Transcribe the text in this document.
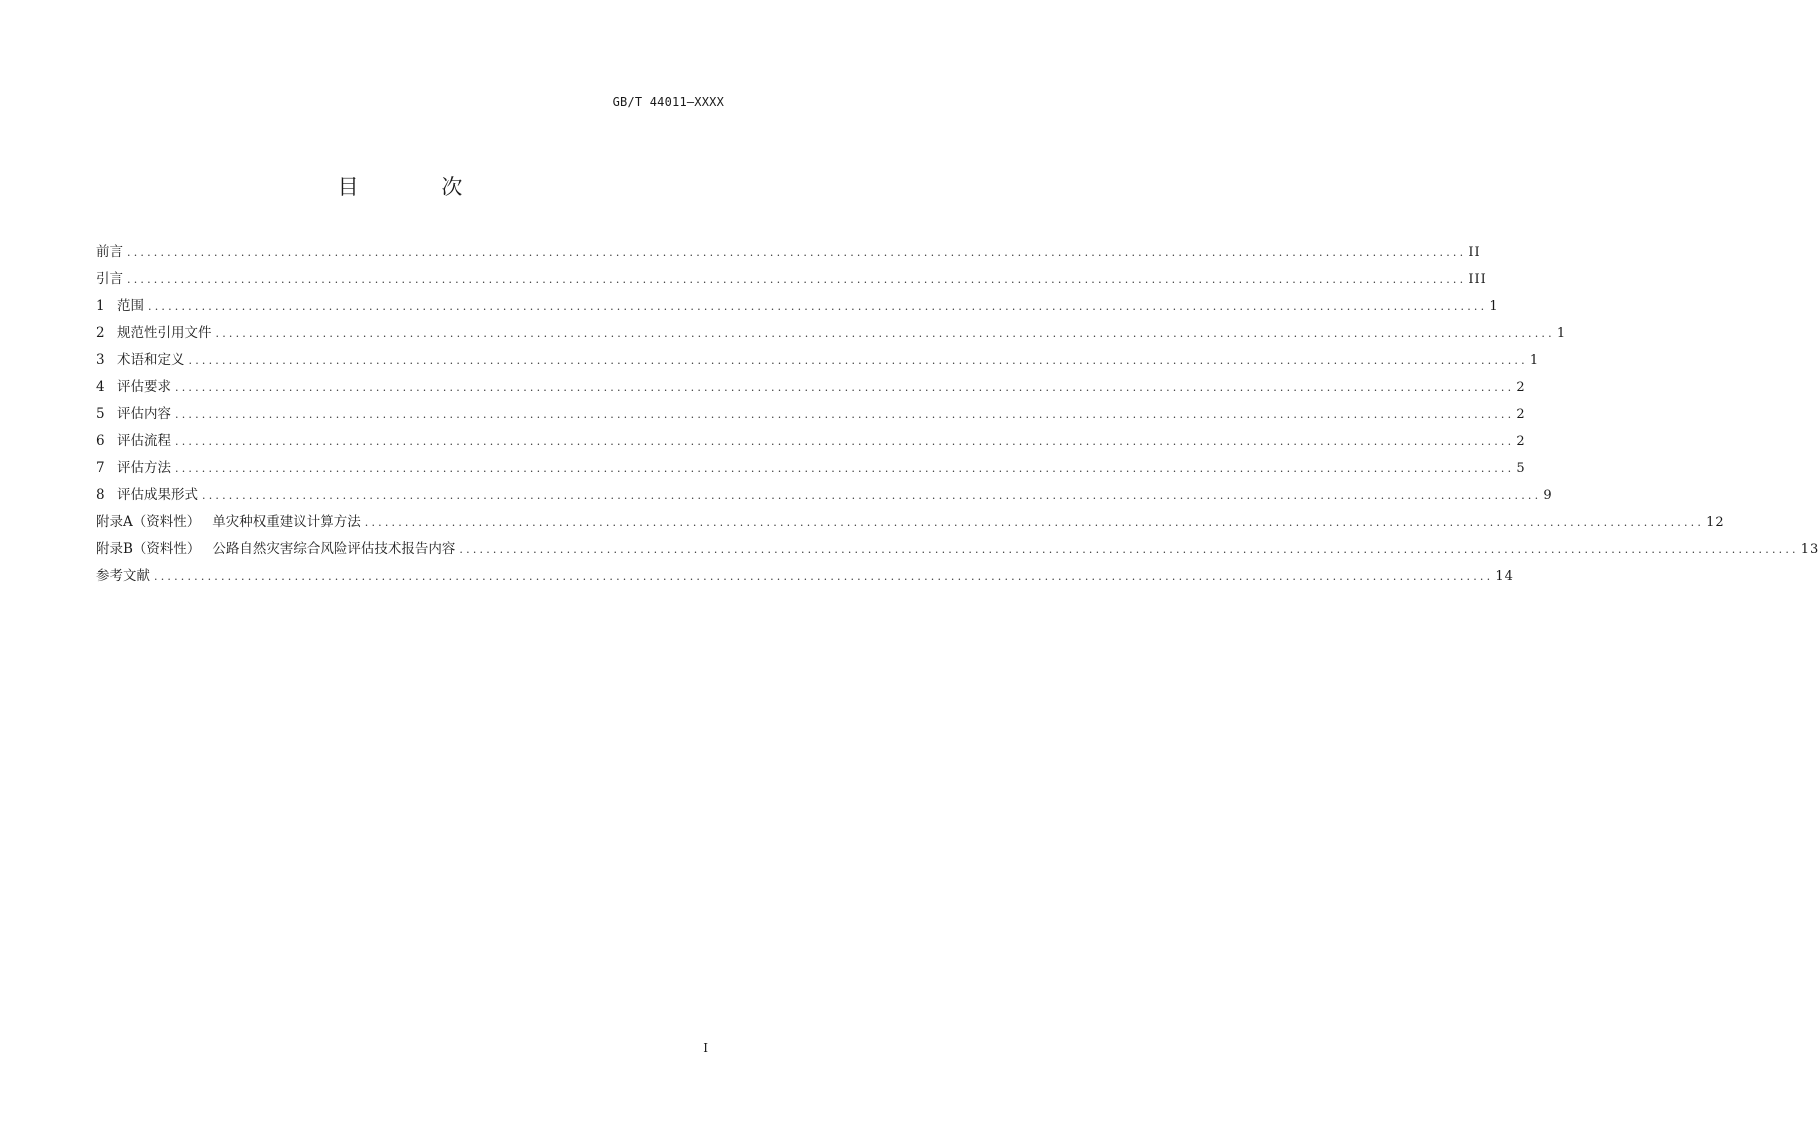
GB/T 44011—XXXX
目 次
前言 ........................................................................................................................................................................................................ II
引言 ........................................................................................................................................................................................................ III
1 范围 ........................................................................................................................................................................................................ 1
2 规范性引用文件 ........................................................................................................................................................................................................ 1
3 术语和定义 ........................................................................................................................................................................................................ 1
4 评估要求 ........................................................................................................................................................................................................ 2
5 评估内容 ........................................................................................................................................................................................................ 2
6 评估流程 ........................................................................................................................................................................................................ 2
7 评估方法 ........................................................................................................................................................................................................ 5
8 评估成果形式 ........................................................................................................................................................................................................ 9
附录A（资料性） 单灾种权重建议计算方法 ........................................................................................................................................................................................................ 12
附录B（资料性） 公路自然灾害综合风险评估技术报告内容 ........................................................................................................................................................................................................ 13
参考文献 ........................................................................................................................................................................................................ 14
I
